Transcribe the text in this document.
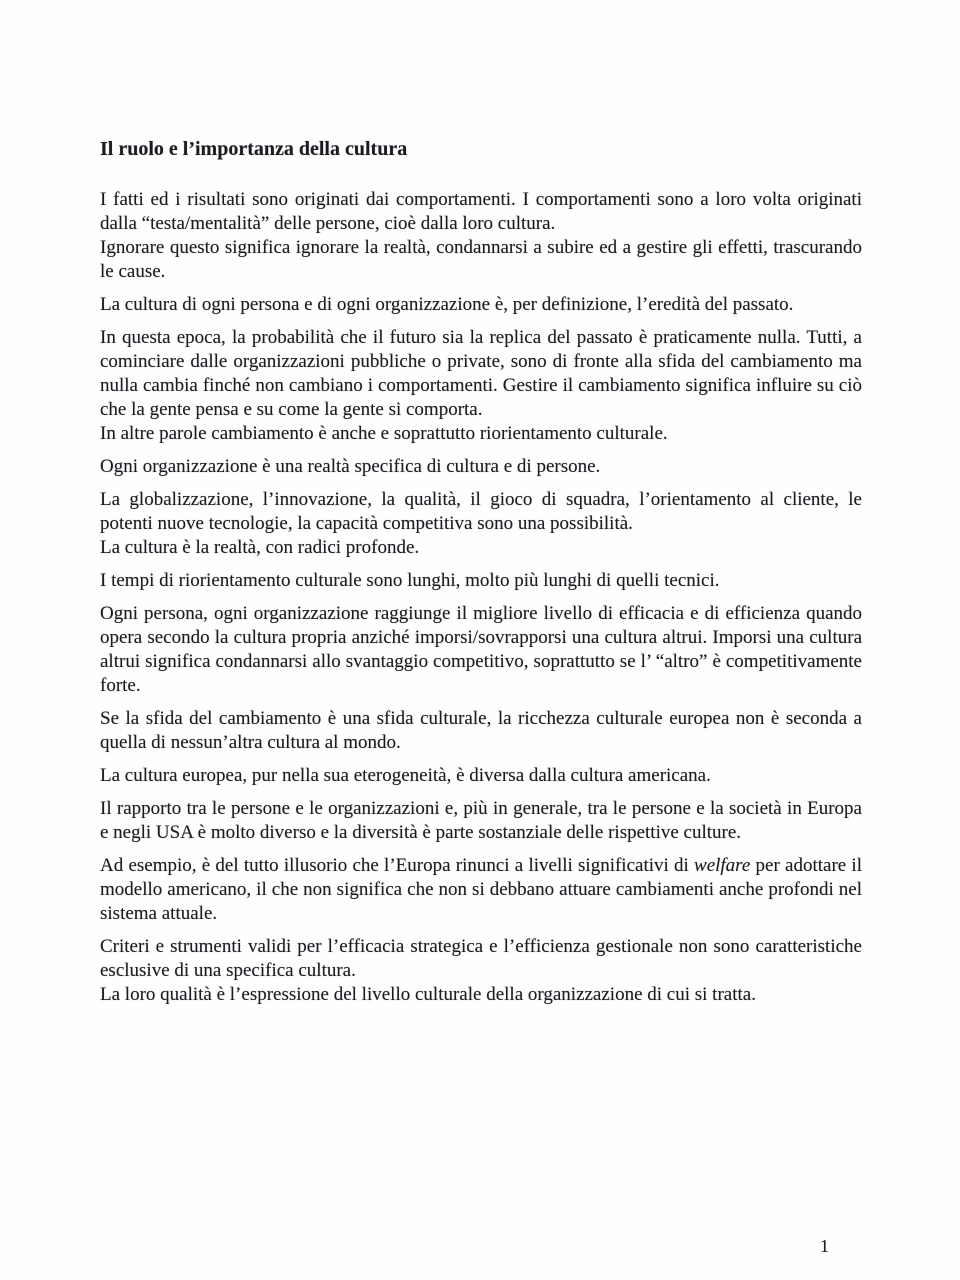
Il ruolo e l’importanza della cultura
I fatti ed i risultati sono originati dai comportamenti. I comportamenti sono a loro volta originati dalla “testa/mentalità” delle persone, cioè dalla loro cultura.
Ignorare questo significa ignorare la realtà, condannarsi a subire ed a gestire gli effetti, trascurando le cause.
La cultura di ogni persona e di ogni organizzazione è, per definizione, l’eredità del passato.
In questa epoca, la probabilità che il futuro sia la replica del passato è praticamente nulla. Tutti, a cominciare dalle organizzazioni pubbliche o private, sono di fronte alla sfida del cambiamento ma nulla cambia finché non cambiano i comportamenti. Gestire il cambiamento significa influire su ciò che la gente pensa e su come la gente si comporta.
In altre parole cambiamento è anche e soprattutto riorientamento culturale.
Ogni organizzazione è una realtà specifica di cultura e di persone.
La globalizzazione, l’innovazione, la qualità, il gioco di squadra, l’orientamento al cliente, le potenti nuove tecnologie, la capacità competitiva sono una possibilità.
La cultura è la realtà, con radici profonde.
I tempi di riorientamento culturale sono lunghi, molto più lunghi di quelli tecnici.
Ogni persona, ogni organizzazione raggiunge il migliore livello di efficacia e di efficienza quando opera secondo la cultura propria anziché imporsi/sovrapporsi una cultura altrui. Imporsi una cultura altrui significa condannarsi allo svantaggio competitivo, soprattutto se l’ “altro” è competitivamente forte.
Se la sfida del cambiamento è una sfida culturale, la ricchezza culturale europea non è seconda a quella di nessun’altra cultura al mondo.
La cultura europea, pur nella sua eterogeneità, è diversa dalla cultura americana.
Il rapporto tra le persone e le organizzazioni e, più in generale, tra le persone e la società in Europa e negli USA è molto diverso e la diversità è parte sostanziale delle rispettive culture.
Ad esempio, è del tutto illusorio che l’Europa rinunci a livelli significativi di welfare per adottare il modello americano, il che non significa che non si debbano attuare cambiamenti anche profondi nel sistema attuale.
Criteri e strumenti validi per l’efficacia strategica e l’efficienza gestionale non sono caratteristiche esclusive di una specifica cultura.
La loro qualità è l’espressione del livello culturale della organizzazione di cui si tratta.
1
